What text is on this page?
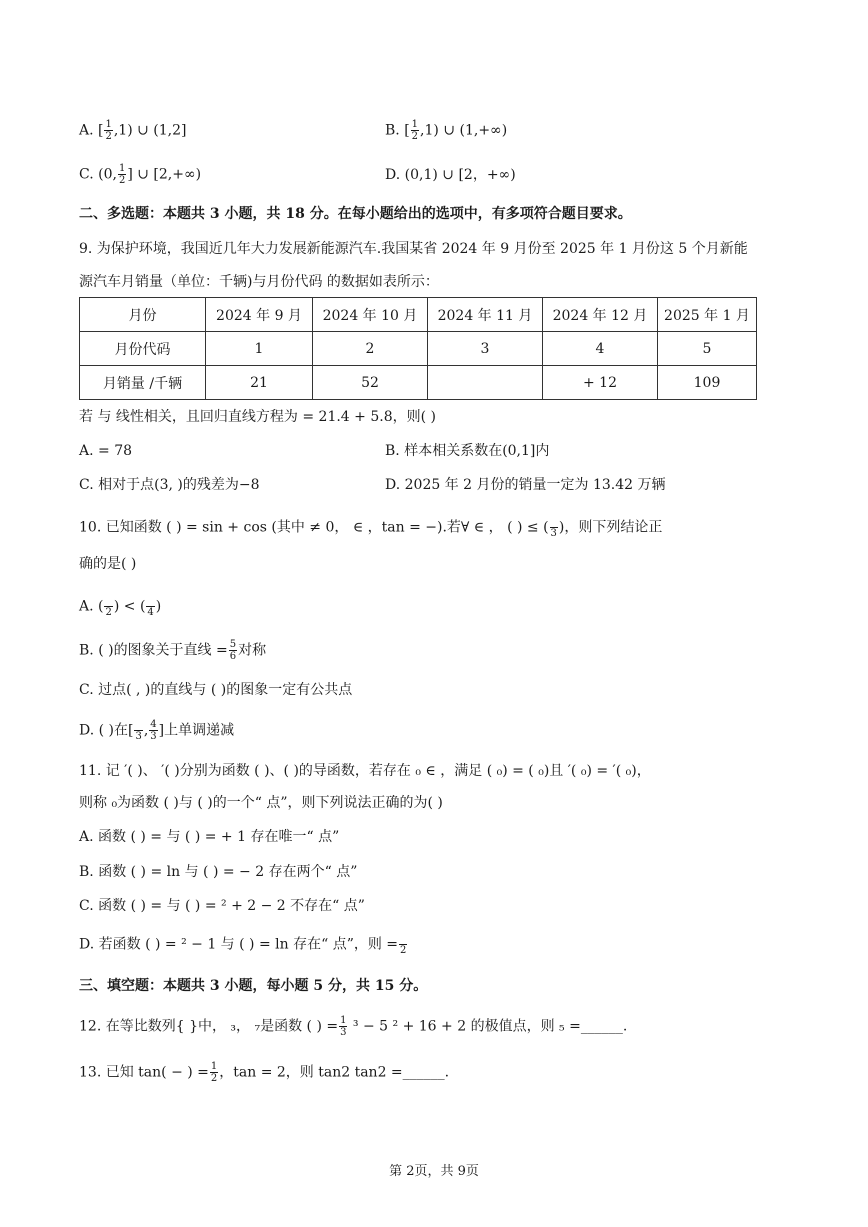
A. [ $\frac{1}{2} ,1$) ∪ (1,2]	B. [ $\frac{1}{2} ,1$) ∪ (1,+∞)
C. (0, $\frac{1}{2}$ ] ∪ [2,+∞)	D. (0,1) ∪ [2，+∞)
二、多选题：本题共 3 小题，共 18 分。在每小题给出的选项中，有多项符合题目要求。
9. 为保护环境，我国近几年大力发展新能源汽车.我国某省 2024 年 9 月份至 2025 年 1 月份这 5 个月新能
源汽车月销量（单位：千辆)与月份代码 的数据如表所示：
月份	2024 年 9 月	2024 年 10 月	2024 年 11 月	2024 年 12 月	2025 年 1 月
月份代码	1	2	3	4	5
月销量 /千辆	21	52		+ 12	109
若 与 线性相关，且回归直线方程为 = 21.4 + 5.8，则( )
A. = 78	B. 样本相关系数在(0,1]内
C. 相对于点(3, )的残差为−8	D. 2025 年 2 月份的销量一定为 13.42 万辆
10. 已知函数 ( ) = sin + cos (其中 ≠ 0， ∈ ，tan = −).若∀ ∈ ， ( ) ≤ (
3 )，则下列结论正
确的是( )
A. (
2 ) < (
4 )
B. ( )的图象关于直线 = $\frac{5}{6}$ 对称
C. 过点( , )的直线与 ( )的图象一定有公共点
D. ( )在[
3 , $\frac{4}{3}$ ]上单调递减
11. 记 ′( )、 ′( )分别为函数 ( )、( )的导函数，若存在 ₀ ∈ ，满足 ( ₀) = ( ₀)且 ′( ₀) = ′( ₀)，
则称 ₀为函数 ( )与 ( )的一个“ 点”，则下列说法正确的为( )
A. 函数 ( ) = 与 ( ) = + 1 存在唯一“ 点”
B. 函数 ( ) = ln 与 ( ) = − 2 存在两个“ 点”
C. 函数 ( ) = 与 ( ) = ² + 2 − 2 不存在“ 点”
D. 若函数 ( ) = ² − 1 与 ( ) = ln 存在“ 点”，则 =
2
三、填空题：本题共 3 小题，每小题 5 分，共 15 分。
12. 在等比数列{ }中， ₃， ₇是函数 ( ) = $\frac{1}{3} ^3 - 5$ ² + 16 + 2 的极值点，则 ₅ =______.
13. 已知 tan( − ) = $\frac{1}{2}$ ，tan = 2，则 tan2 tan2 =______.
第 2页，共 9页
